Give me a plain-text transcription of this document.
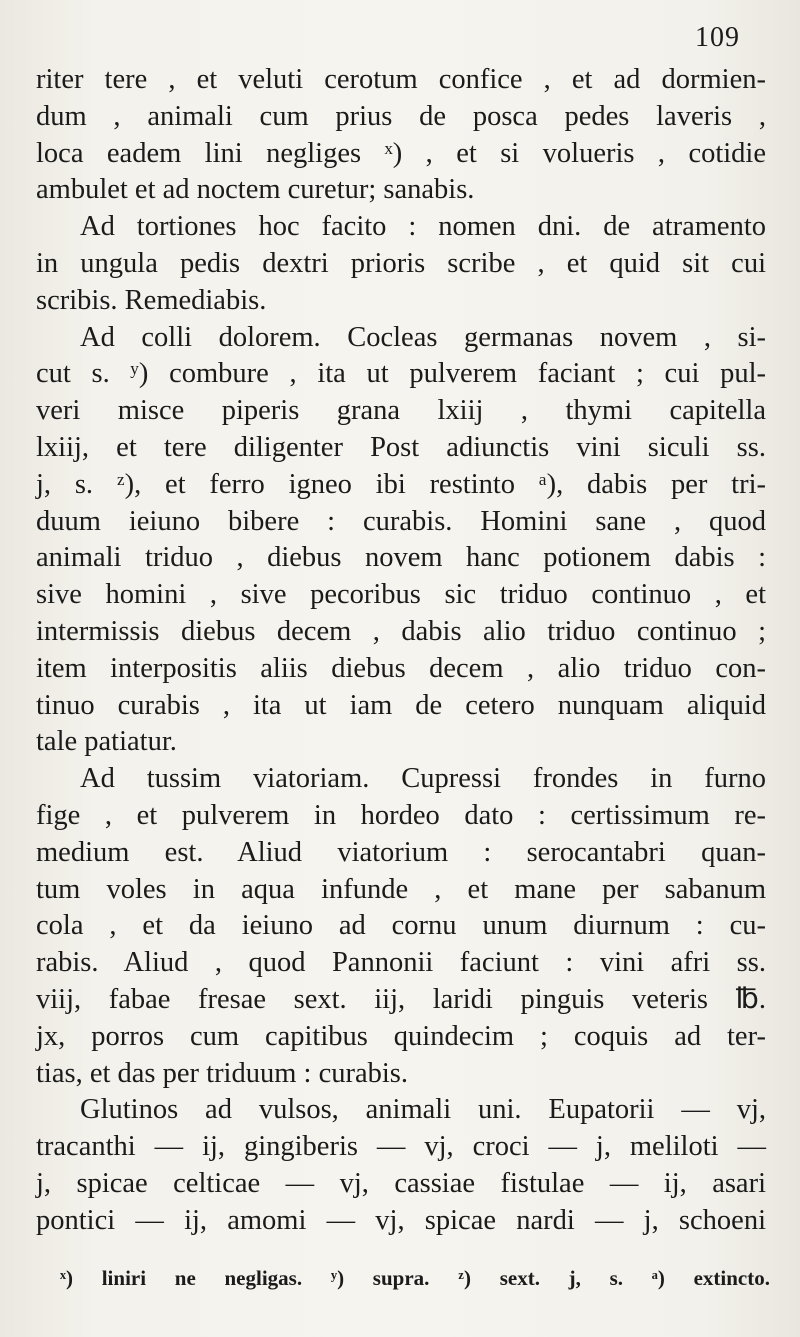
109
riter tere , et veluti cerotum confice , et ad dormien-
dum , animali cum prius de posca pedes laveris ,
loca eadem lini negliges ˣ) , et si volueris , cotidie
ambulet et ad noctem curetur; sanabis.
Ad tortiones hoc facito : nomen dni. de atramento
in ungula pedis dextri prioris scribe , et quid sit cui
scribis. Remediabis.
Ad colli dolorem. Cocleas germanas novem , si-
cut s. ʸ) combure , ita ut pulverem faciant ; cui pul-
veri misce piperis grana lxiij , thymi capitella
lxiij, et tere diligenter Post adiunctis vini siculi ss.
j, s. ᶻ), et ferro igneo ibi restinto ᵃ), dabis per tri-
duum ieiuno bibere : curabis. Homini sane , quod
animali triduo , diebus novem hanc potionem dabis :
sive homini , sive pecoribus sic triduo continuo , et
intermissis diebus decem , dabis alio triduo continuo ;
item interpositis aliis diebus decem , alio triduo con-
tinuo curabis , ita ut iam de cetero nunquam aliquid
tale patiatur.
Ad tussim viatoriam. Cupressi frondes in furno
fige , et pulverem in hordeo dato : certissimum re-
medium est. Aliud viatorium : serocantabri quan-
tum voles in aqua infunde , et mane per sabanum
cola , et da ieiuno ad cornu unum diurnum : cu-
rabis. Aliud , quod Pannonii faciunt : vini afri ss.
viij, fabae fresae sext. iij, laridi pinguis veteris ℔.
jx, porros cum capitibus quindecim ; coquis ad ter-
tias, et das per triduum : curabis.
Glutinos ad vulsos, animali uni. Eupatorii — vj,
tracanthi — ij, gingiberis — vj, croci — j, meliloti —
j, spicae celticae — vj, cassiae fistulae — ij, asari
pontici — ij, amomi — vj, spicae nardi — j, schoeni
ˣ) liniri ne negligas. ʸ) supra. ᶻ) sext. j, s. ᵃ) extincto.
